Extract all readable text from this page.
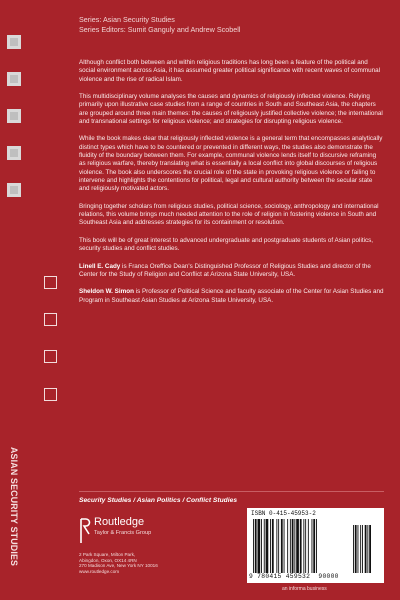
Series: Asian Security Studies
Series Editors: Sumit Ganguly and Andrew Scobell

Although conflict both between and within religious traditions has long been a feature of the political and social environment across Asia, it has assumed greater political significance with recent waves of communal violence and the rise of radical Islam.

This multidisciplinary volume analyses the causes and dynamics of religiously inflected violence. Relying primarily upon illustrative case studies from a range of countries in South and Southeast Asia, the chapters are grouped around three main themes: the causes of religiously justified collective violence; the international and transnational settings for religious violence; and strategies for disrupting religious violence.

While the book makes clear that religiously inflected violence is a general term that encompasses analytically distinct types which have to be countered or prevented in different ways, the studies also demonstrate the fluidity of the boundary between them. For example, communal violence lends itself to discursive reframing as religious warfare, thereby translating what is essentially a local conflict into global discourses of religious violence. The book also underscores the crucial role of the state in provoking religious violence or failing to intervene and highlights the contentions for political, legal and cultural authority between the secular state and religiously motivated actors.

Bringing together scholars from religious studies, political science, sociology, anthropology and international relations, this volume brings much needed attention to the role of religion in fostering violence in South and Southeast Asia and addresses strategies for its containment or resolution.

This book will be of great interest to advanced undergraduate and postgraduate students of Asian politics, security studies and conflict studies.

Linell E. Cady is Franca Oreffice Dean's Distinguished Professor of Religious Studies and director of the Center for the Study of Religion and Conflict at Arizona State University, USA.

Sheldon W. Simon is Professor of Political Science and faculty associate of the Center for Asian Studies and Program in Southeast Asian Studies at Arizona State University, USA.

ASIAN SECURITY STUDIES	Security Studies / Asian Politics / Conflict Studies
Routledge
Taylor & Francis Group
2 Park Square, Milton Park,
Abingdon, Oxon, OX14 4RN
270 Madison Ave, New York NY 10016
www.routledge.com
ISBN 0-415-45953-2
9 780415 459532 90000
an informa business
